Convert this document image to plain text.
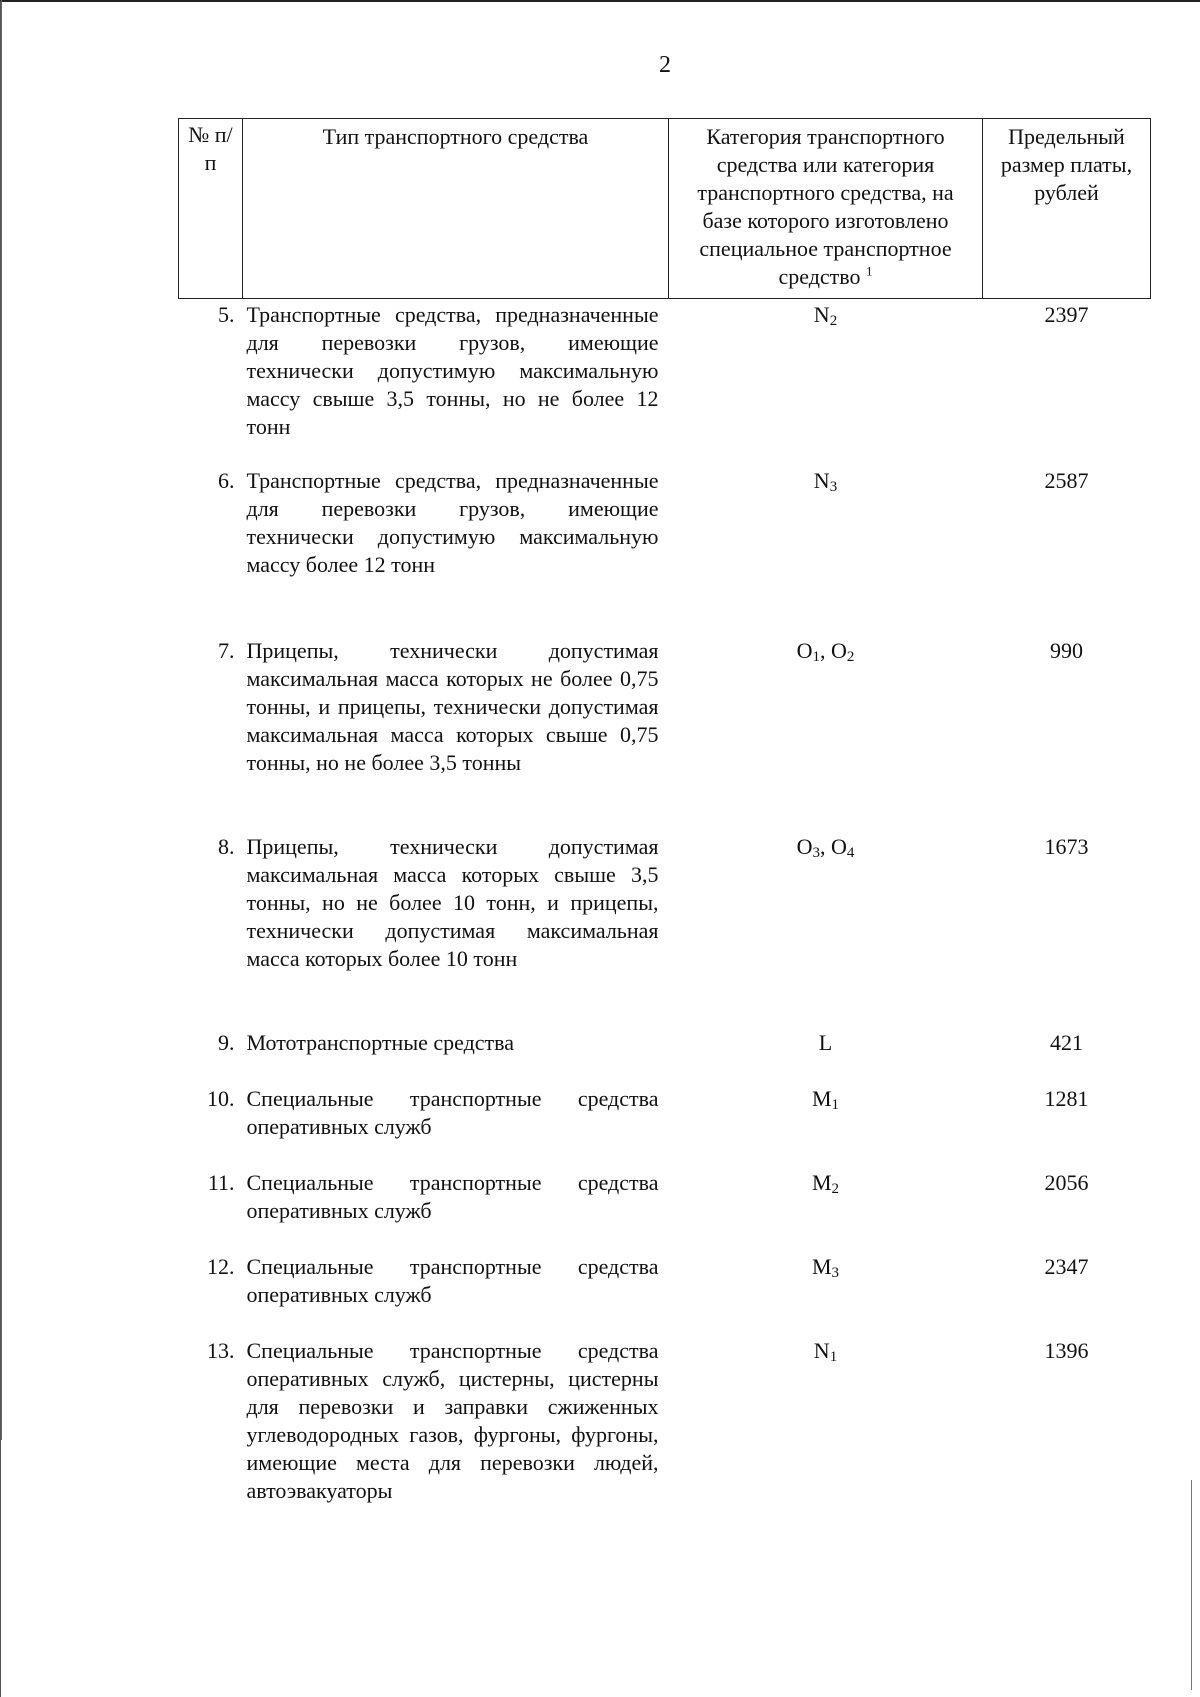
2
№ п/п	Тип транспортного средства	Категория транспортного средства или категория транспортного средства, на базе которого изготовлено специальное транспортное средство $^1$	Предельный размер платы, рублей
5.	Транспортные средства, предназначенные для перевозки грузов, имеющие технически допустимую максимальную массу свыше 3,5 тонны, но не более 12 тонн	$N_2$	2397
6.	Транспортные средства, предназначенные для перевозки грузов, имеющие технически допустимую максимальную массу более 12 тонн	$N_3$	2587
7.	Прицепы, технически допустимая максимальная масса которых не более 0,75 тонны, и прицепы, технически допустимая максимальная масса которых свыше 0,75 тонны, но не более 3,5 тонны	$O_1$, $O_2$	990
8.	Прицепы, технически допустимая максимальная масса которых свыше 3,5 тонны, но не более 10 тонн, и прицепы, технически допустимая максимальная масса которых более 10 тонн	$O_3$, $O_4$	1673
9.	Мототранспортные средства	L	421
10.	Специальные транспортные средства оперативных служб	$M_1$	1281
11.	Специальные транспортные средства оперативных служб	$M_2$	2056
12.	Специальные транспортные средства оперативных служб	$M_3$	2347
13.	Специальные транспортные средства оперативных служб, цистерны, цистерны для перевозки и заправки сжиженных углеводородных газов, фургоны, фургоны, имеющие места для перевозки людей, автоэвакуаторы	$N_1$	1396
